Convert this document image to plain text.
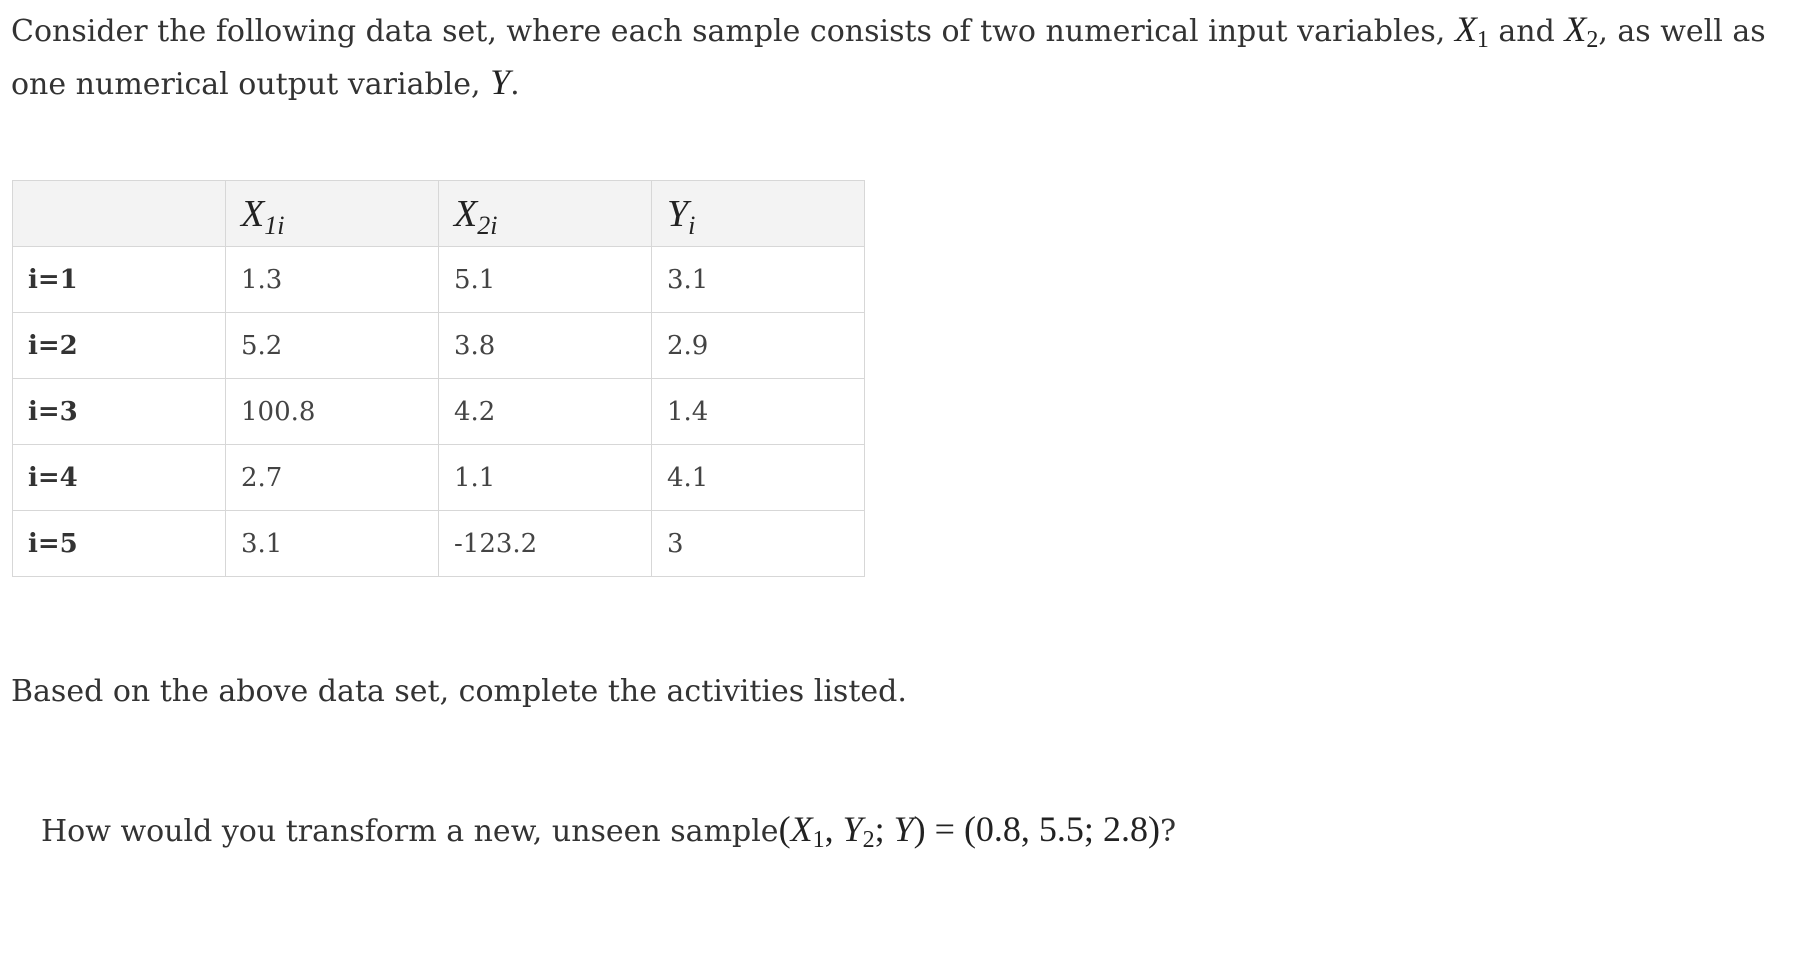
Consider the following data set, where each sample consists of two numerical input variables, $X_1$ and $X_2$, as well as one numerical output variable, Y.

	$X_{1i}$	$X_{2i}$	$Y_i$
i=1	1.3	5.1	3.1
i=2	5.2	3.8	2.9
i=3	100.8	4.2	1.4
i=4	2.7	1.1	4.1
i=5	3.1	-123.2	3

Based on the above data set, complete the activities listed.

How would you transform a new, unseen $sample(X_1$, $Y_2$; Y) = (0.8, 5.5; 2.8)?
